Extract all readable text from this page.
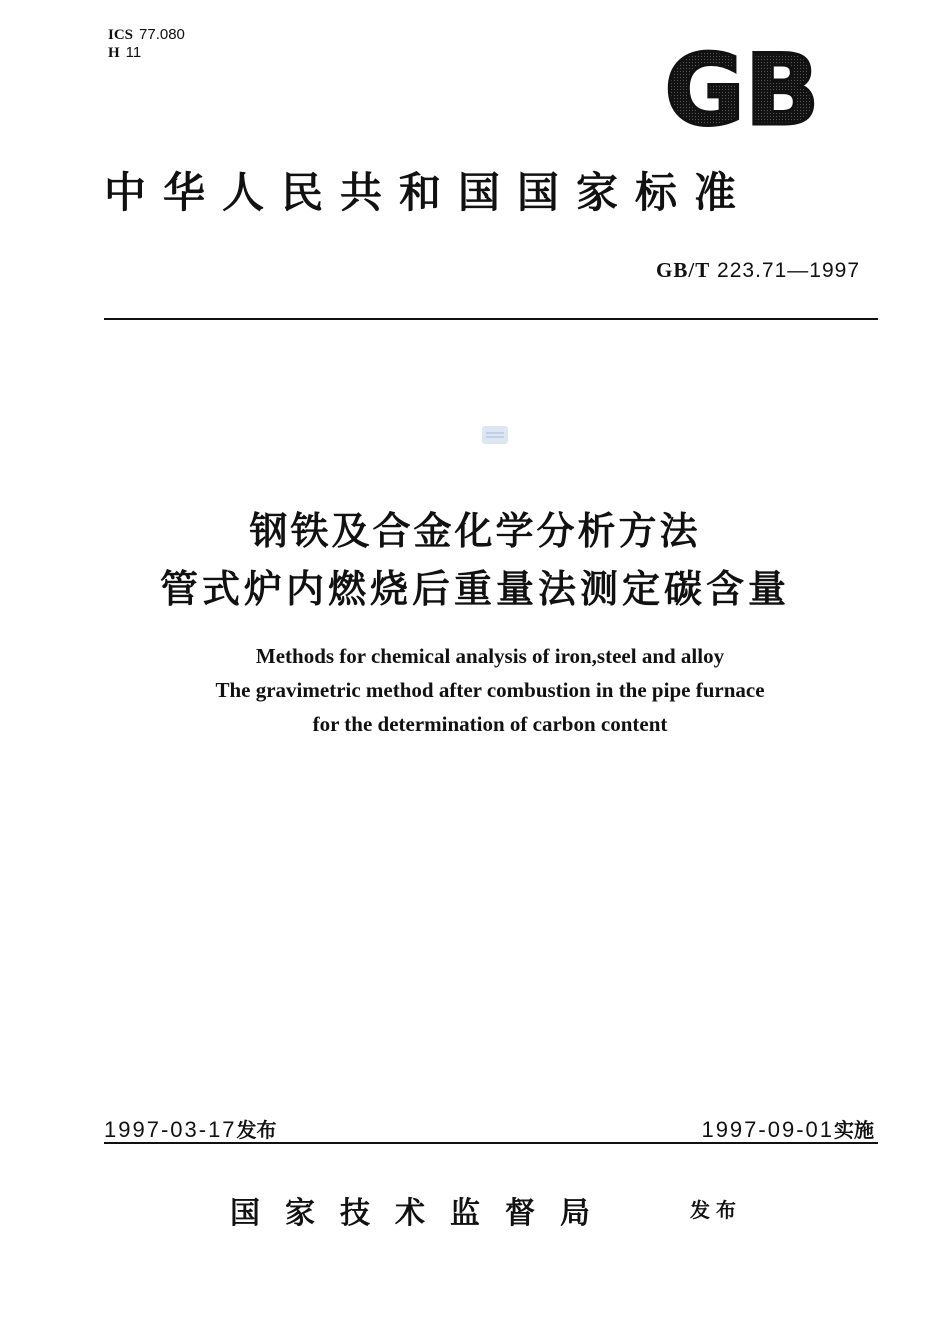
ICS 77.080
H 11	GB
中华人民共和国国家标准
GB/T 223.71—1997
钢铁及合金化学分析方法
管式炉内燃烧后重量法测定碳含量
Methods for chemical analysis of iron,steel and alloy
The gravimetric method after combustion in the pipe furnace
for the determination of carbon content
1997-03-17发布	1997-09-01实施
国家技术监督局	发布
